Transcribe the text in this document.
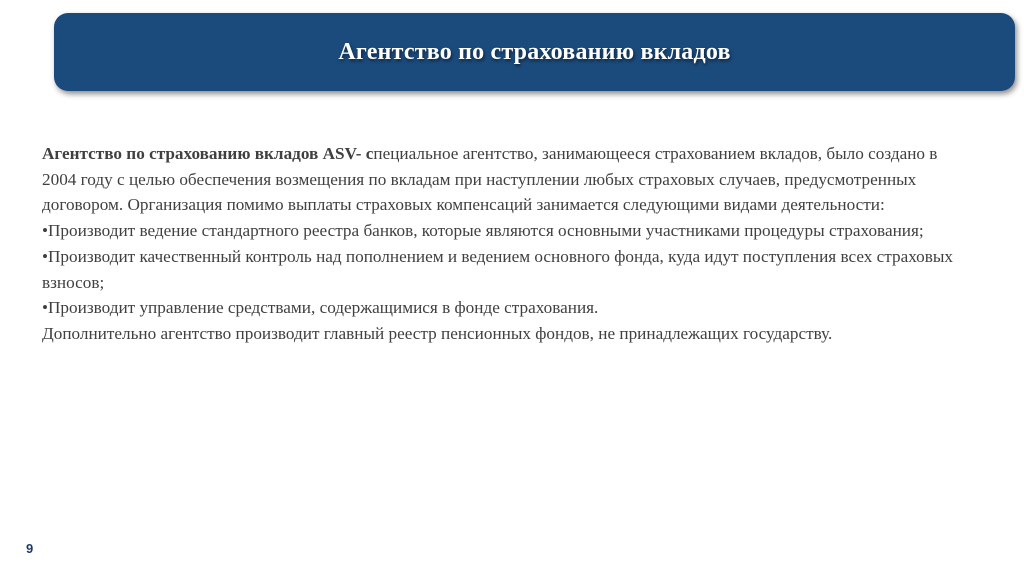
Агентство по страхованию вкладов

Агентство по страхованию вкладов ASV- специальное агентство, занимающееся страхованием вкладов, было создано в 2004 году с целью обеспечения возмещения по вкладам при наступлении любых страховых случаев, предусмотренных договором. Организация помимо выплаты страховых компенсаций занимается следующими видами деятельности:

•Производит ведение стандартного реестра банков, которые являются основными участниками процедуры страхования;

•Производит качественный контроль над пополнением и ведением основного фонда, куда идут поступления всех страховых взносов;

•Производит управление средствами, содержащимися в фонде страхования.

Дополнительно агентство производит главный реестр пенсионных фондов, не принадлежащих государству.

9
